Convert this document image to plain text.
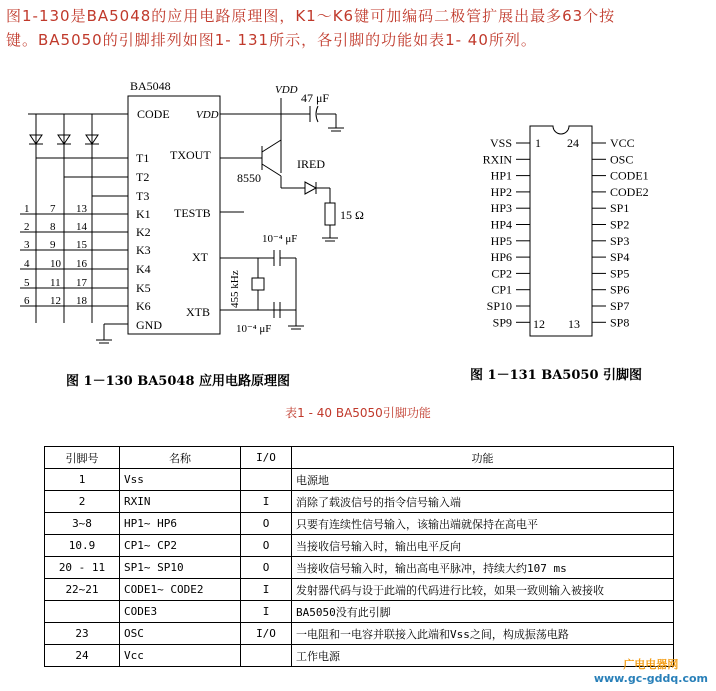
图1-130是BA5048的应用电路原理图，K1～K6键可加编码二极管扩展出最多63个按

键。BA5050的引脚排列如图1- 131所示，各引脚的功能如表1- 40所列。

BA5048
CODE VDD
TXOUT
TESTB
XT
XTB
T1
T2
T3
K1
K2
K3
K4
K5
K6
GND
1 7 13
2 8 14
3 9 15
4 10 16
5 11 17
6 12 18
VDD
47 μF
8550
IRED
15 Ω
10⁻⁴ μF
10⁻⁴ μF
455 kHz
VSS
RXIN
HP1
HP2
HP3
HP4
HP5
HP6
CP2
CP1
SP10
SP9
VCC
OSC
CODE1
CODE2
SP1
SP2
SP3
SP4
SP5
SP6
SP7
SP8
1 24
12 13
图 1－130 BA5048 应用电路原理图	图 1－131 BA5050 引脚图
表1 - 40 BA5050引脚功能
引脚号	名称	I/O	功能
1	Vss		电源地
2	RXIN	I	消除了载波信号的指令信号输入端
3~8	HP1~ HP6	O	只要有连续性信号输入，该输出端就保持在高电平
10.9	CP1~ CP2	O	当接收信号输入时，输出电平反向
20 - 11	SP1~ SP10	O	当接收信号输入时，输出高电平脉冲，持续大约107 ms
22~21	CODE1~ CODE2	I	发射器代码与设于此端的代码进行比较，如果一致则输入被接收
	CODE3	I	BA5050没有此引脚
23	OSC	I/O	一电阻和一电容并联接入此端和Vss之间，构成振荡电路
24	Vcc		工作电源
广电电器网
www.gc-gddq.com
